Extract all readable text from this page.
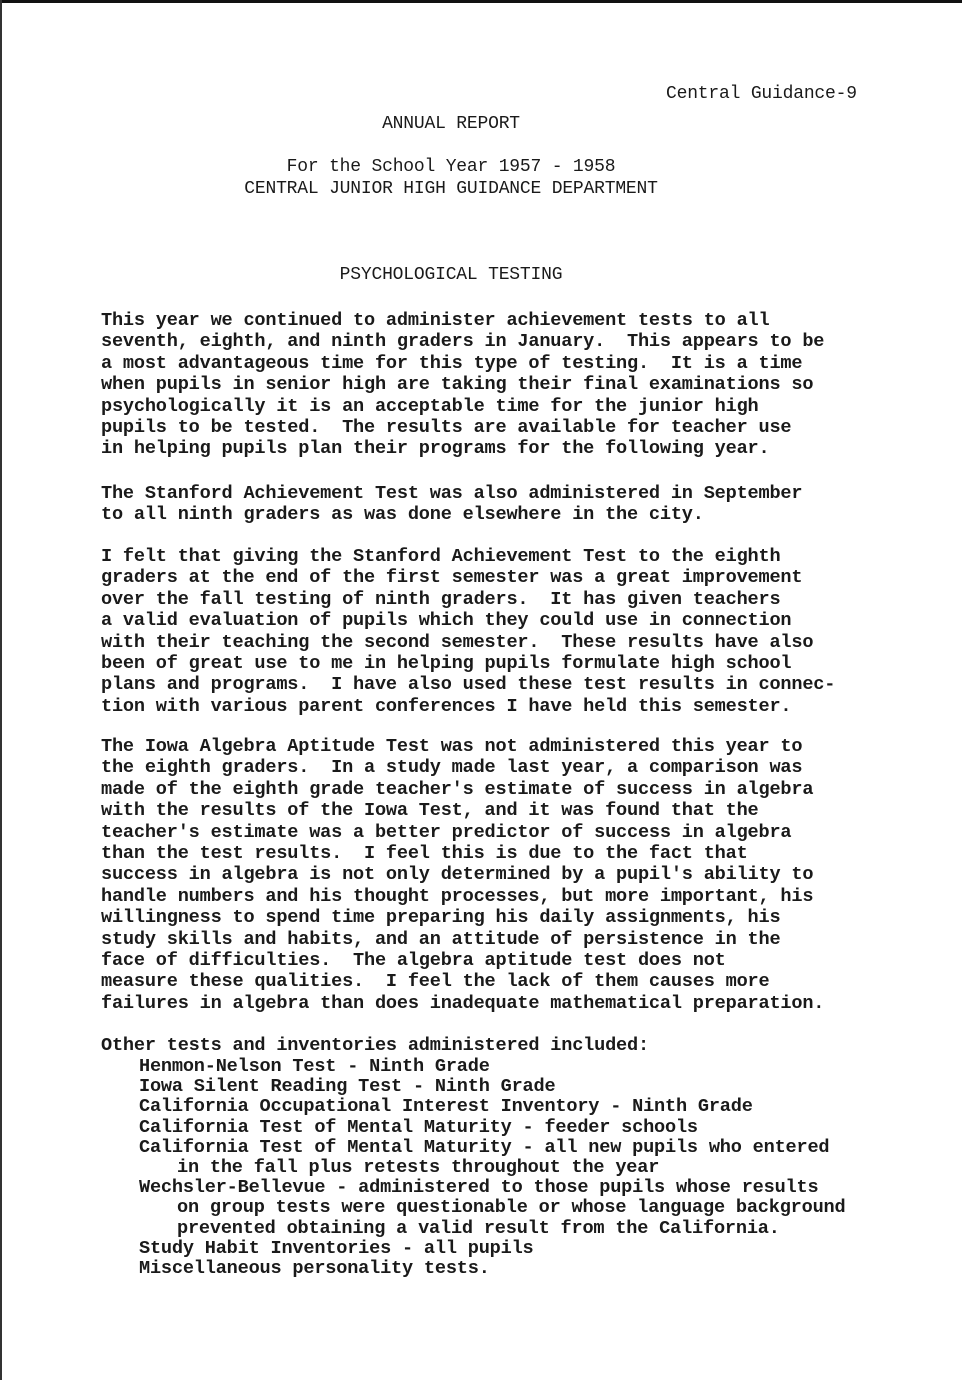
Central Guidance-9
ANNUAL REPORT
For the School Year 1957 - 1958
CENTRAL JUNIOR HIGH GUIDANCE DEPARTMENT
PSYCHOLOGICAL TESTING
This year we continued to administer achievement tests to all
seventh, eighth, and ninth graders in January.  This appears to be
a most advantageous time for this type of testing.  It is a time
when pupils in senior high are taking their final examinations so
psychologically it is an acceptable time for the junior high
pupils to be tested.  The results are available for teacher use
in helping pupils plan their programs for the following year.
The Stanford Achievement Test was also administered in September
to all ninth graders as was done elsewhere in the city.
I felt that giving the Stanford Achievement Test to the eighth
graders at the end of the first semester was a great improvement
over the fall testing of ninth graders.  It has given teachers
a valid evaluation of pupils which they could use in connection
with their teaching the second semester.  These results have also
been of great use to me in helping pupils formulate high school
plans and programs.  I have also used these test results in connec-
tion with various parent conferences I have held this semester.
The Iowa Algebra Aptitude Test was not administered this year to
the eighth graders.  In a study made last year, a comparison was
made of the eighth grade teacher's estimate of success in algebra
with the results of the Iowa Test, and it was found that the
teacher's estimate was a better predictor of success in algebra
than the test results.  I feel this is due to the fact that
success in algebra is not only determined by a pupil's ability to
handle numbers and his thought processes, but more important, his
willingness to spend time preparing his daily assignments, his
study skills and habits, and an attitude of persistence in the
face of difficulties.  The algebra aptitude test does not
measure these qualities.  I feel the lack of them causes more
failures in algebra than does inadequate mathematical preparation.
Other tests and inventories administered included:
Henmon-Nelson Test - Ninth Grade
Iowa Silent Reading Test - Ninth Grade
California Occupational Interest Inventory - Ninth Grade
California Test of Mental Maturity - feeder schools
California Test of Mental Maturity - all new pupils who entered
in the fall plus retests throughout the year
Wechsler-Bellevue - administered to those pupils whose results
on group tests were questionable or whose language background
prevented obtaining a valid result from the California.
Study Habit Inventories - all pupils
Miscellaneous personality tests.
